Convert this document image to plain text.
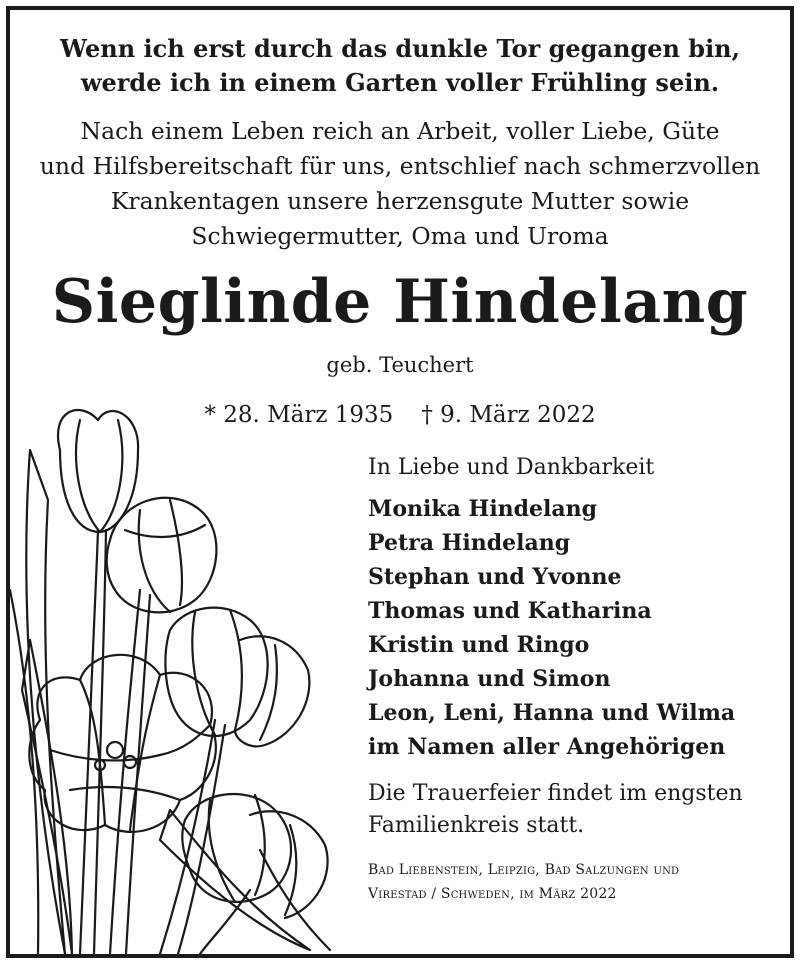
Wenn ich erst durch das dunkle Tor gegangen bin,
werde ich in einem Garten voller Frühling sein.
Nach einem Leben reich an Arbeit, voller Liebe, Güte
und Hilfsbereitschaft für uns, entschlief nach schmerzvollen
Krankentagen unsere herzensgute Mutter sowie
Schwiegermutter, Oma und Uroma
Sieglinde Hindelang
geb. Teuchert
* 28. März 1935 † 9. März 2022
In Liebe und Dankbarkeit
Monika Hindelang
Petra Hindelang
Stephan und Yvonne
Thomas und Katharina
Kristin und Ringo
Johanna und Simon
Leon, Leni, Hanna und Wilma
im Namen aller Angehörigen
Die Trauerfeier findet im engsten
Familienkreis statt.
Bad Liebenstein, Leipzig, Bad Salzungen und
Virestad / Schweden, im März 2022
